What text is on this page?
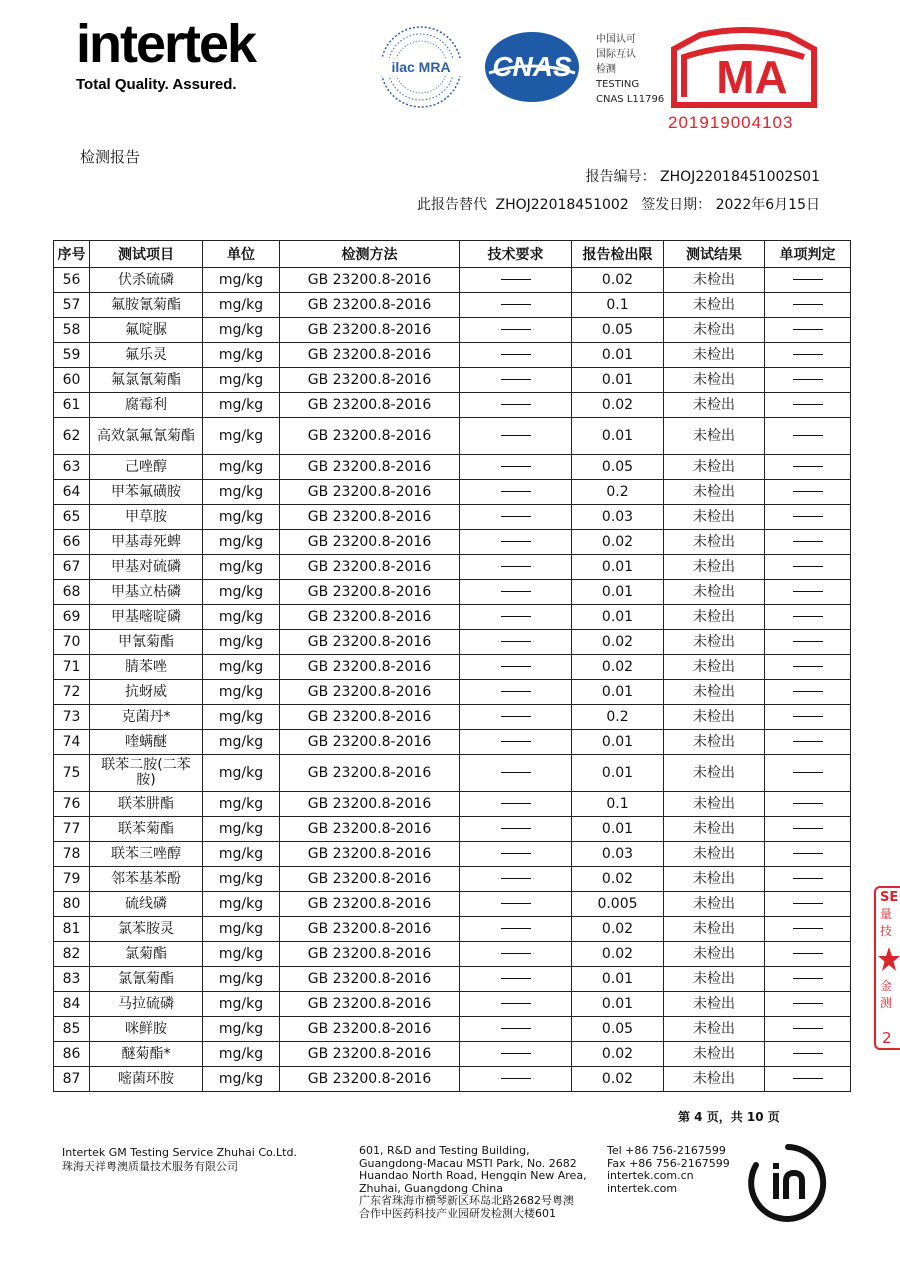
intertek
Total Quality. Assured.
ilac MRA CNAS
中国认可
国际互认
检测
TESTING
CNAS L11796 MA
201919004103
检测报告
报告编号： ZHOJ22018451002S01
此报告替代 ZHOJ22018451002 签发日期： 2022年6月15日
序号	测试项目	单位	检测方法	技术要求	报告检出限	测试结果	单项判定
56	伏杀硫磷	mg/kg	GB 23200.8-2016		0.02	未检出	
57	氟胺氰菊酯	mg/kg	GB 23200.8-2016		0.1	未检出	
58	氟啶脲	mg/kg	GB 23200.8-2016		0.05	未检出	
59	氟乐灵	mg/kg	GB 23200.8-2016		0.01	未检出	
60	氟氯氰菊酯	mg/kg	GB 23200.8-2016		0.01	未检出	
61	腐霉利	mg/kg	GB 23200.8-2016		0.02	未检出	
62	高效氯氟氰菊酯	mg/kg	GB 23200.8-2016		0.01	未检出	
63	己唑醇	mg/kg	GB 23200.8-2016		0.05	未检出	
64	甲苯氟磺胺	mg/kg	GB 23200.8-2016		0.2	未检出	
65	甲草胺	mg/kg	GB 23200.8-2016		0.03	未检出	
66	甲基毒死蜱	mg/kg	GB 23200.8-2016		0.02	未检出	
67	甲基对硫磷	mg/kg	GB 23200.8-2016		0.01	未检出	
68	甲基立枯磷	mg/kg	GB 23200.8-2016		0.01	未检出	
69	甲基嘧啶磷	mg/kg	GB 23200.8-2016		0.01	未检出	
70	甲氰菊酯	mg/kg	GB 23200.8-2016		0.02	未检出	
71	腈苯唑	mg/kg	GB 23200.8-2016		0.02	未检出	
72	抗蚜威	mg/kg	GB 23200.8-2016		0.01	未检出	
73	克菌丹*	mg/kg	GB 23200.8-2016		0.2	未检出	
74	喹螨醚	mg/kg	GB 23200.8-2016		0.01	未检出	
75	联苯二胺(二苯胺)	mg/kg	GB 23200.8-2016		0.01	未检出	
76	联苯肼酯	mg/kg	GB 23200.8-2016		0.1	未检出	
77	联苯菊酯	mg/kg	GB 23200.8-2016		0.01	未检出	
78	联苯三唑醇	mg/kg	GB 23200.8-2016		0.03	未检出	
79	邻苯基苯酚	mg/kg	GB 23200.8-2016		0.02	未检出	
80	硫线磷	mg/kg	GB 23200.8-2016		0.005	未检出	
81	氯苯胺灵	mg/kg	GB 23200.8-2016		0.02	未检出	
82	氯菊酯	mg/kg	GB 23200.8-2016		0.02	未检出	
83	氯氰菊酯	mg/kg	GB 23200.8-2016		0.01	未检出	
84	马拉硫磷	mg/kg	GB 23200.8-2016		0.01	未检出	
85	咪鲜胺	mg/kg	GB 23200.8-2016		0.05	未检出	
86	醚菊酯*	mg/kg	GB 23200.8-2016		0.02	未检出	
87	嘧菌环胺	mg/kg	GB 23200.8-2016		0.02	未检出	
第 4 页，共 10 页
Intertek GM Testing Service Zhuhai Co.Ltd.
珠海天祥粤澳质量技术服务有限公司
601, R&D and Testing Building,
Guangdong-Macau MSTI Park, No. 2682
Huandao North Road, Hengqin New Area,
Zhuhai, Guangdong China
广东省珠海市横琴新区环岛北路2682号粤澳
合作中医药科技产业园研发检测大楼601
Tel +86 756-2167599
Fax +86 756-2167599
intertek.com.cn
intertek.com
SE
量技
金测
2
